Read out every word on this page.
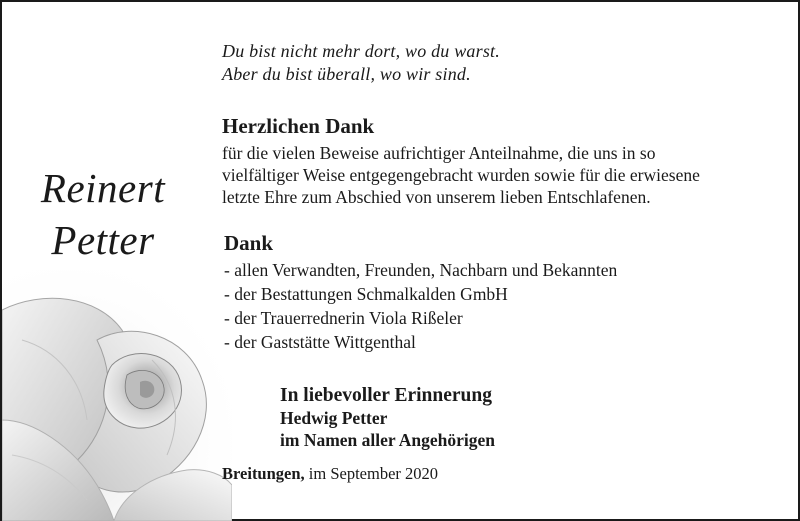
Du bist nicht mehr dort, wo du warst.
Aber du bist überall, wo wir sind.

Reinert
Petter
Herzlichen Dank

für die vielen Beweise aufrichtiger Anteilnahme, die uns in so
vielfältiger Weise entgegengebracht wurden sowie für die erwiesene
letzte Ehre zum Abschied von unserem lieben Entschlafenen.

Dank
- allen Verwandten, Freunden, Nachbarn und Bekannten
- der Bestattungen Schmalkalden GmbH
- der Trauerrednerin Viola Rißeler
- der Gaststätte Wittgenthal

In liebevoller Erinnerung
Hedwig Petter
im Namen aller Angehörigen

Breitungen, im September 2020
